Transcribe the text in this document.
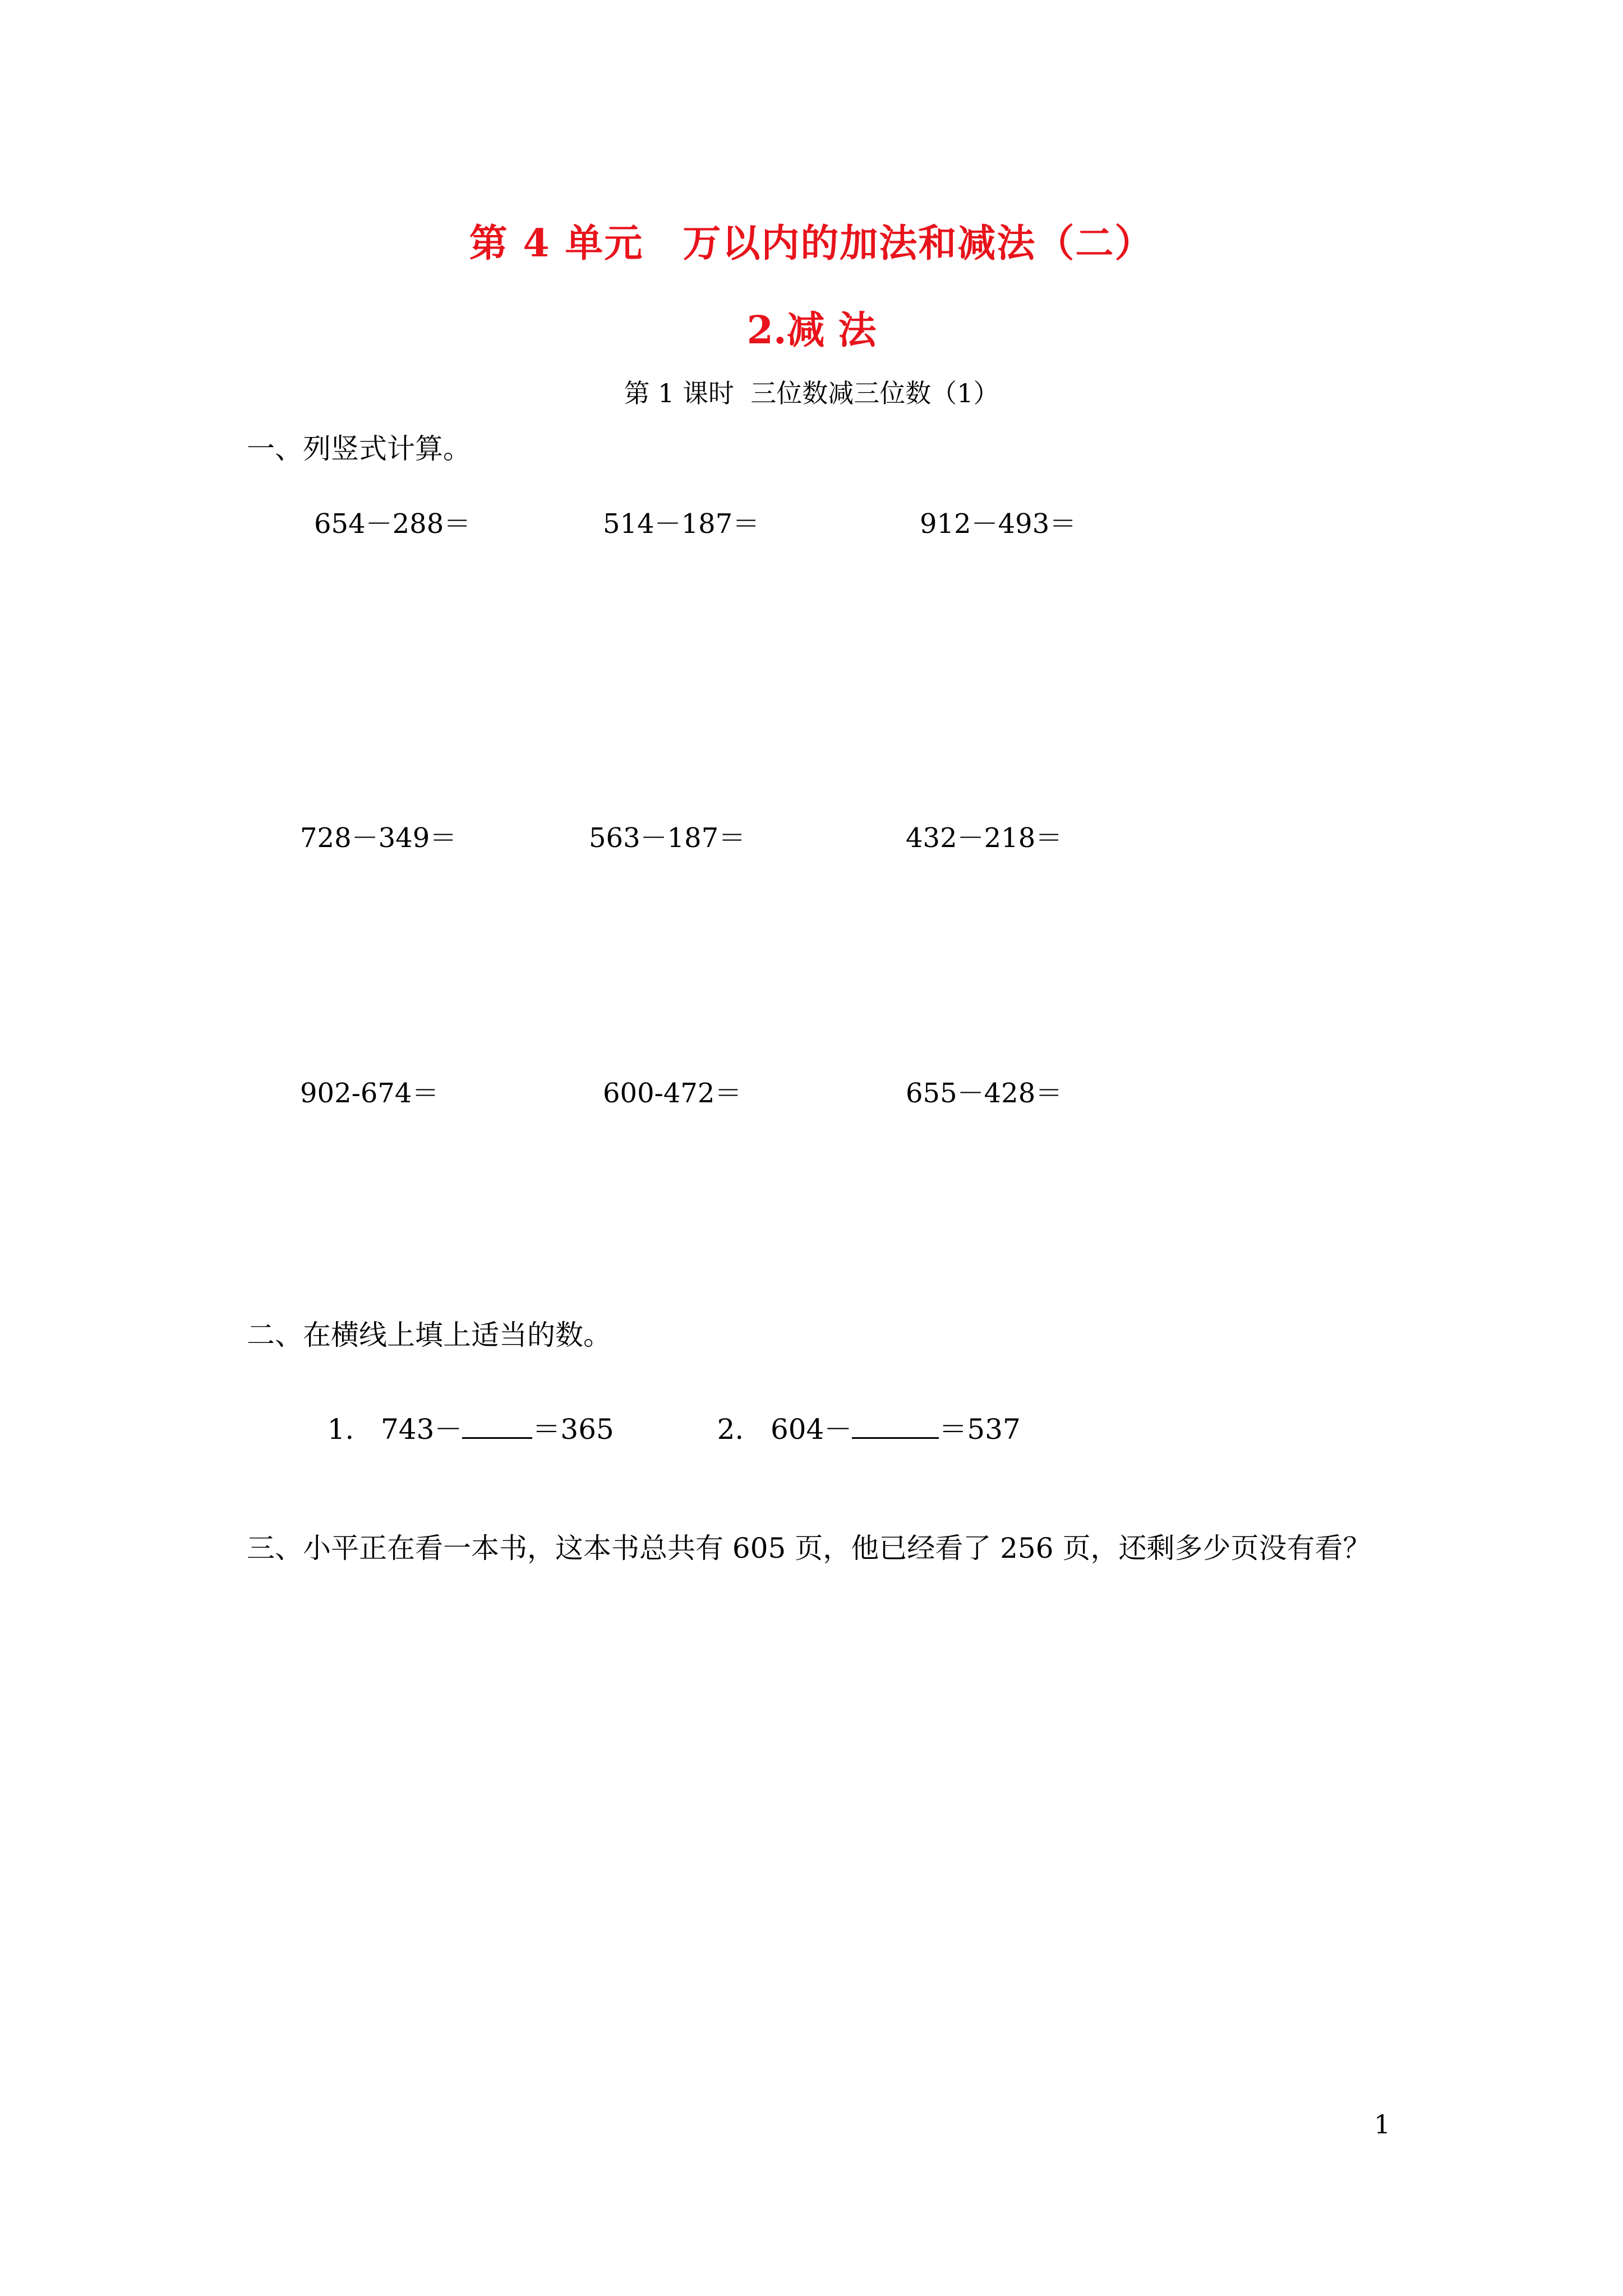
第 4 单元　万以内的加法和减法（二）
2.减 法
第 1 课时  三位数减三位数（1）
一、列竖式计算。
654－288＝	514－187＝	912－493＝
728－349＝	563－187＝	432－218＝
902-674＝	600-472＝	655－428＝
二、在横线上填上适当的数。

1. 743－	＝365
	2. 604－	＝537

三、小平正在看一本书，这本书总共有 605 页，他已经看了 256 页，还剩多少页没有看？
1
